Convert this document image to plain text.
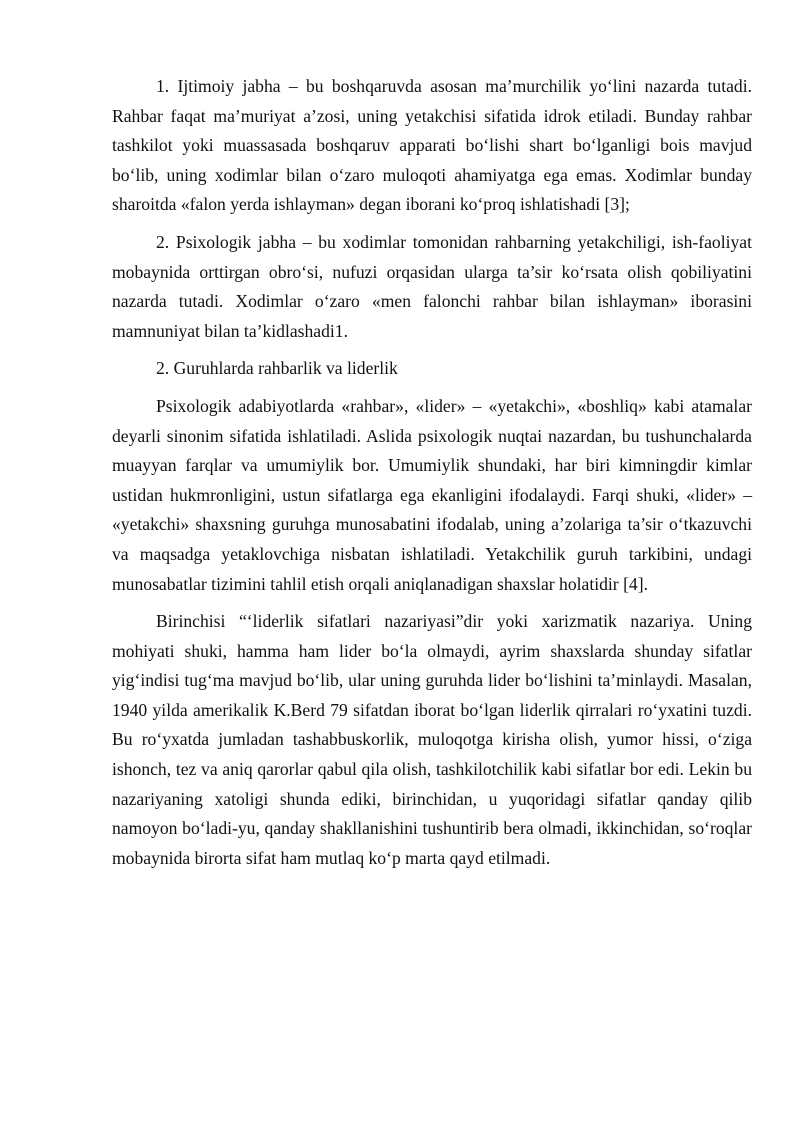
1. Ijtimoiy jabha – bu boshqaruvda asosan ma’murchilik yo‘lini nazarda tutadi. Rahbar faqat ma’muriyat a’zosi, uning yetakchisi sifatida idrok etiladi. Bunday rahbar tashkilot yoki muassasada boshqaruv apparati bo‘lishi shart bo‘lganligi bois mavjud bo‘lib, uning xodimlar bilan o‘zaro muloqoti ahamiyatga ega emas. Xodimlar bunday sharoitda «falon yerda ishlayman» degan iborani ko‘proq ishlatishadi [3];

2. Psixologik jabha – bu xodimlar tomonidan rahbarning yetakchiligi, ish-faoliyat mobaynida orttirgan obro‘si, nufuzi orqasidan ularga ta’sir ko‘rsata olish qobiliyatini nazarda tutadi. Xodimlar o‘zaro «men falonchi rahbar bilan ishlayman» iborasini mamnuniyat bilan ta’kidlashadi1.

2. Guruhlarda rahbarlik va liderlik

Psixologik adabiyotlarda «rahbar», «lider» – «yetakchi», «boshliq» kabi atamalar deyarli sinonim sifatida ishlatiladi. Aslida psixologik nuqtai nazardan, bu tushunchalarda muayyan farqlar va umumiylik bor. Umumiylik shundaki, har biri kimningdir kimlar ustidan hukmronligini, ustun sifatlarga ega ekanligini ifodalaydi. Farqi shuki, «lider» – «yetakchi» shaxsning guruhga munosabatini ifodalab, uning a’zolariga ta’sir o‘tkazuvchi va maqsadga yetaklovchiga nisbatan ishlatiladi. Yetakchilik guruh tarkibini, undagi munosabatlar tizimini tahlil etish orqali aniqlanadigan shaxslar holatidir [4].

Birinchisi “‘liderlik sifatlari nazariyasi”dir yoki xarizmatik nazariya. Uning mohiyati shuki, hamma ham lider bo‘la olmaydi, ayrim shaxslarda shunday sifatlar yig‘indisi tug‘ma mavjud bo‘lib, ular uning guruhda lider bo‘lishini ta’minlaydi. Masalan, 1940 yilda amerikalik K.Berd 79 sifatdan iborat bo‘lgan liderlik qirralari ro‘yxatini tuzdi. Bu ro‘yxatda jumladan tashabbuskorlik, muloqotga kirisha olish, yumor hissi, o‘ziga ishonch, tez va aniq qarorlar qabul qila olish, tashkilotchilik kabi sifatlar bor edi. Lekin bu nazariyaning xatoligi shunda ediki, birinchidan, u yuqoridagi sifatlar qanday qilib namoyon bo‘ladi-yu, qanday shakllanishini tushuntirib bera olmadi, ikkinchidan, so‘roqlar mobaynida birorta sifat ham mutlaq ko‘p marta qayd etilmadi.
